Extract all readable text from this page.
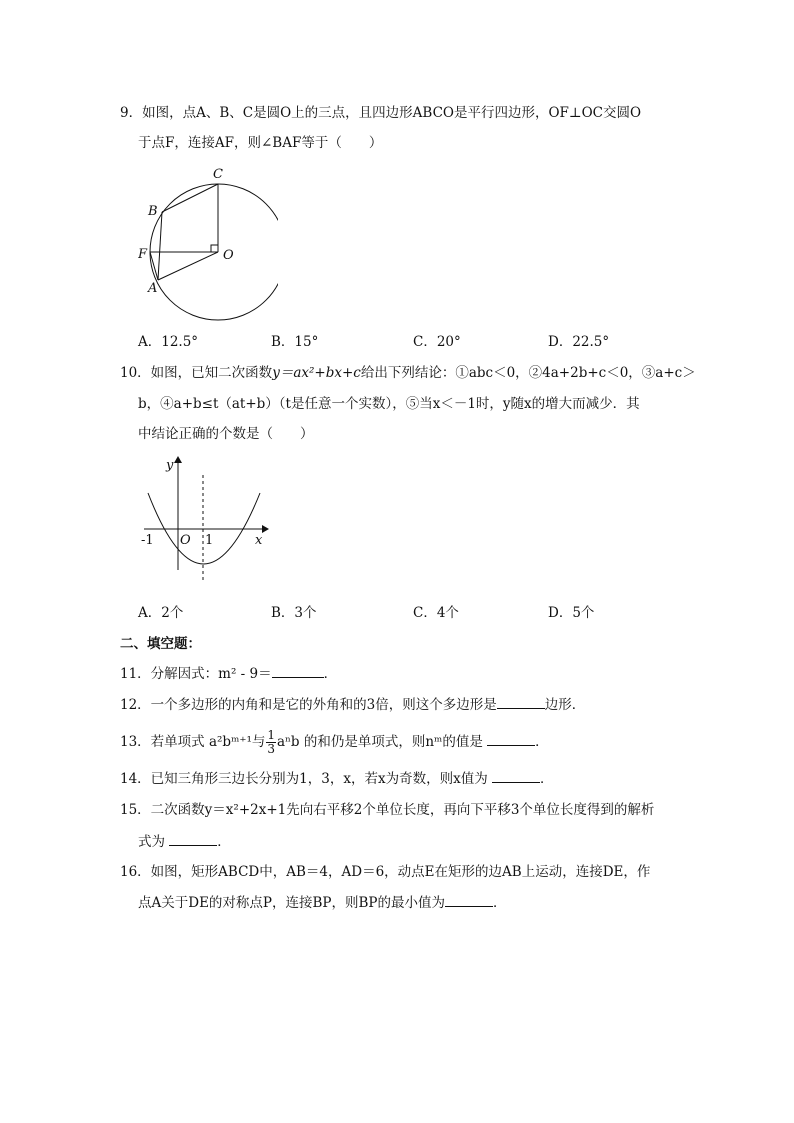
9．如图，点A、B、C是圆O上的三点，且四边形ABCO是平行四边形，OF⊥OC交圆O
于点F，连接AF，则∠BAF等于（　　）
C
B
F	O
A
A．12.5°	B．15°	C．20°	D．22.5°
10．如图，已知二次函数y＝ax²+bx+c给出下列结论：①abc＜0，②4a+2b+c＜0，③a+c＞
b，④a+b≤t（at+b）（t是任意一个实数），⑤当x＜－1时，y随x的增大而减少．其
中结论正确的个数是（　　）
y
x
O
-1	1
A．2个	B．3个	C．4个	D．5个
二、填空题：
11．分解因式：m² - 9＝	．
12．一个多边形的内角和是它的外角和的3倍，则这个多边形是	边形．
13．若单项式 a²bᵐ⁺¹与 $\frac{1}{3}$ aⁿb 的和仍是单项式，则nᵐ的值是	．
14．已知三角形三边长分别为1，3，x，若x为奇数，则x值为	．
15．二次函数y＝x²+2x+1先向右平移2个单位长度，再向下平移3个单位长度得到的解析
式为	．
16．如图，矩形ABCD中，AB＝4，AD＝6，动点E在矩形的边AB上运动，连接DE，作
点A关于DE的对称点P，连接BP，则BP的最小值为	．
